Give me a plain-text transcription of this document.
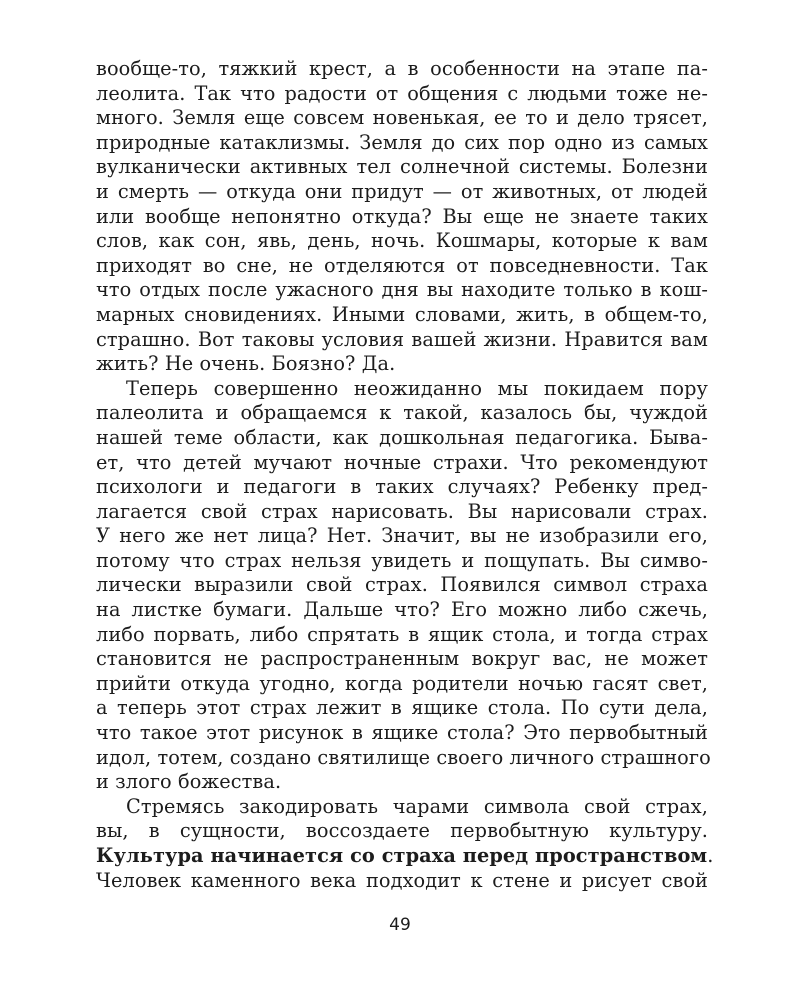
вообще-то, тяжкий крест, а в особенности на этапе па-
леолита. Так что радости от общения с людьми тоже не-
много. Земля еще совсем новенькая, ее то и дело трясет,
природные катаклизмы. Земля до сих пор одно из самых
вулканически активных тел солнечной системы. Болезни
и смерть — откуда они придут — от животных, от людей
или вообще непонятно откуда? Вы еще не знаете таких
слов, как сон, явь, день, ночь. Кошмары, которые к вам
приходят во сне, не отделяются от повседневности. Так
что отдых после ужасного дня вы находите только в кош-
марных сновидениях. Иными словами, жить, в общем-то,
страшно. Вот таковы условия вашей жизни. Нравится вам
жить? Не очень. Боязно? Да.
Теперь совершенно неожиданно мы покидаем пору
палеолита и обращаемся к такой, казалось бы, чуждой
нашей теме области, как дошкольная педагогика. Быва-
ет, что детей мучают ночные страхи. Что рекомендуют
психологи и педагоги в таких случаях? Ребенку пред-
лагается свой страх нарисовать. Вы нарисовали страх.
У него же нет лица? Нет. Значит, вы не изобразили его,
потому что страх нельзя увидеть и пощупать. Вы симво-
лически выразили свой страх. Появился символ страха
на листке бумаги. Дальше что? Его можно либо сжечь,
либо порвать, либо спрятать в ящик стола, и тогда страх
становится не распространенным вокруг вас, не может
прийти откуда угодно, когда родители ночью гасят свет,
а теперь этот страх лежит в ящике стола. По сути дела,
что такое этот рисунок в ящике стола? Это первобытный
идол, тотем, создано святилище своего личного страшного
и злого божества.
Стремясь закодировать чарами символа свой страх,
вы, в сущности, воссоздаете первобытную культуру.
Культура начинается со страха перед пространством.
Человек каменного века подходит к стене и рисует свой
49
